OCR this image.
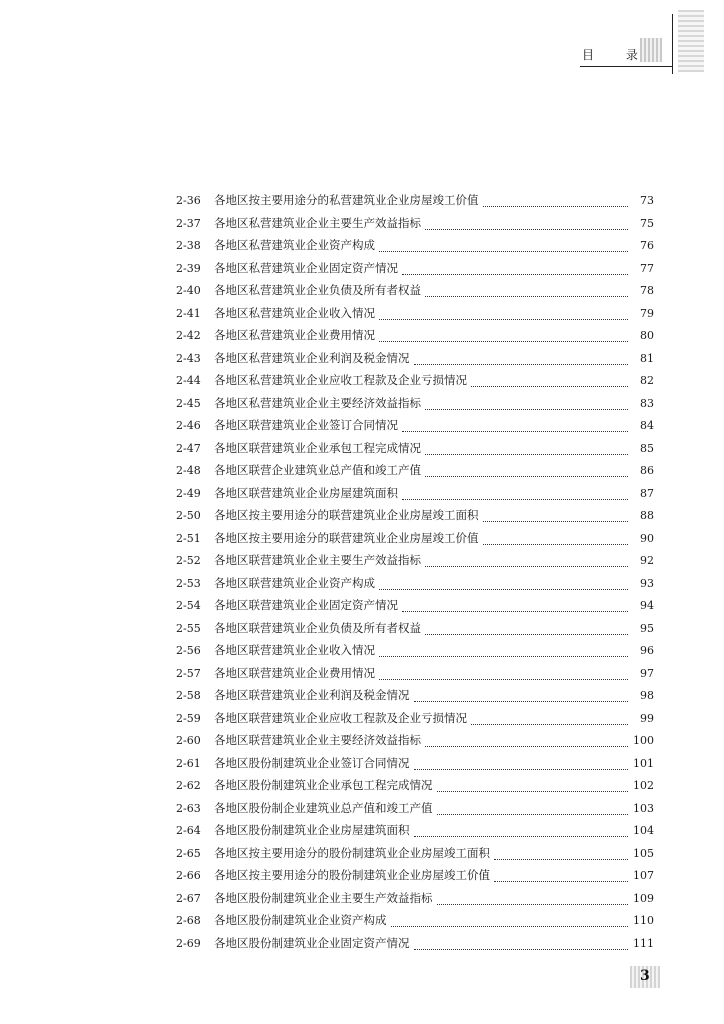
目 录
2-36	各地区按主要用途分的私营建筑业企业房屋竣工价值	73
2-37	各地区私营建筑业企业主要生产效益指标	75
2-38	各地区私营建筑业企业资产构成	76
2-39	各地区私营建筑业企业固定资产情况	77
2-40	各地区私营建筑业企业负债及所有者权益	78
2-41	各地区私营建筑业企业收入情况	79
2-42	各地区私营建筑业企业费用情况	80
2-43	各地区私营建筑业企业利润及税金情况	81
2-44	各地区私营建筑业企业应收工程款及企业亏损情况	82
2-45	各地区私营建筑业企业主要经济效益指标	83
2-46	各地区联营建筑业企业签订合同情况	84
2-47	各地区联营建筑业企业承包工程完成情况	85
2-48	各地区联营企业建筑业总产值和竣工产值	86
2-49	各地区联营建筑业企业房屋建筑面积	87
2-50	各地区按主要用途分的联营建筑业企业房屋竣工面积	88
2-51	各地区按主要用途分的联营建筑业企业房屋竣工价值	90
2-52	各地区联营建筑业企业主要生产效益指标	92
2-53	各地区联营建筑业企业资产构成	93
2-54	各地区联营建筑业企业固定资产情况	94
2-55	各地区联营建筑业企业负债及所有者权益	95
2-56	各地区联营建筑业企业收入情况	96
2-57	各地区联营建筑业企业费用情况	97
2-58	各地区联营建筑业企业利润及税金情况	98
2-59	各地区联营建筑业企业应收工程款及企业亏损情况	99
2-60	各地区联营建筑业企业主要经济效益指标	100
2-61	各地区股份制建筑业企业签订合同情况	101
2-62	各地区股份制建筑业企业承包工程完成情况	102
2-63	各地区股份制企业建筑业总产值和竣工产值	103
2-64	各地区股份制建筑业企业房屋建筑面积	104
2-65	各地区按主要用途分的股份制建筑业企业房屋竣工面积	105
2-66	各地区按主要用途分的股份制建筑业企业房屋竣工价值	107
2-67	各地区股份制建筑业企业主要生产效益指标	109
2-68	各地区股份制建筑业企业资产构成	110
2-69	各地区股份制建筑业企业固定资产情况	111
3
